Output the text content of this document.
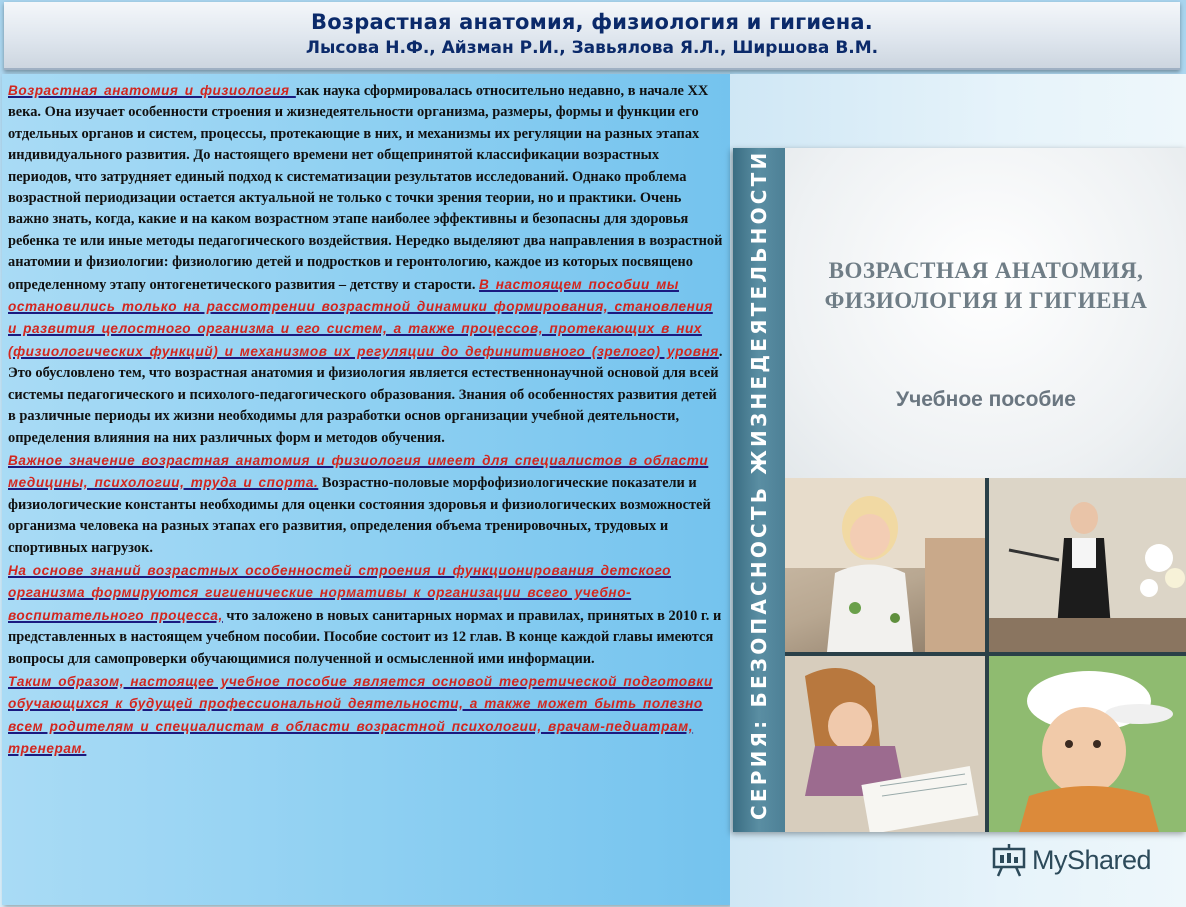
Возрастная анатомия, физиология и гигиена.
Лысова Н.Ф., Айзман Р.И., Завьялова Я.Л., Ширшова В.М.

Возрастная анатомия и физиология как наука сформировалась относительно недавно, в начале XX века. Она изучает особенности строения и жизнедеятельности организма, размеры, формы и функции его отдельных органов и систем, процессы, протекающие в них, и механизмы их регуляции на разных этапах индивидуального развития. До настоящего времени нет общепринятой классификации возрастных периодов, что затрудняет единый подход к систематизации результатов исследований. Однако проблема возрастной периодизации остается актуальной не только с точки зрения теории, но и практики. Очень важно знать, когда, какие и на каком возрастном этапе наиболее эффективны и безопасны для здоровья ребенка те или иные методы педагогического воздействия. Нередко выделяют два направления в возрастной анатомии и физиологии: физиологию детей и подростков и геронтологию, каждое из которых посвящено определенному этапу онтогенетического развития – детству и старости. В настоящем пособии мы остановились только на рассмотрении возрастной динамики формирования, становления и развития целостного организма и его систем, а также процессов, протекающих в них (физиологических функций) и механизмов их регуляции до дефинитивного (зрелого) уровня. Это обусловлено тем, что возрастная анатомия и физиология является естественнонаучной основой для всей системы педагогического и психолого-педагогического образования. Знания об особенностях развития детей в различные периоды их жизни необходимы для разработки основ организации учебной деятельности, определения влияния на них различных форм и методов обучения.

Важное значение возрастная анатомия и физиология имеет для специалистов в области медицины, психологии, труда и спорта. Возрастно-половые морфофизиологические показатели и физиологические константы необходимы для оценки состояния здоровья и физиологических возможностей организма человека на разных этапах его развития, определения объема тренировочных, трудовых и спортивных нагрузок.

На основе знаний возрастных особенностей строения и функционирования детского организма формируются гигиенические нормативы к организации всего учебно-воспитательного процесса, что заложено в новых санитарных нормах и правилах, принятых в 2010 г. и представленных в настоящем учебном пособии. Пособие состоит из 12 глав. В конце каждой главы имеются вопросы для самопроверки обучающимися полученной и осмысленной ими информации.

Таким образом, настоящее учебное пособие является основой теоретической подготовки обучающихся к будущей профессиональной деятельности, а также может быть полезно всем родителям и специалистам в области возрастной психологии, врачам-педиатрам, тренерам.	СЕРИЯ: БЕЗОПАСНОСТЬ ЖИЗНЕДЕЯТЕЛЬНОСТИ	ВОЗРАСТНАЯ АНАТОМИЯ,
ФИЗИОЛОГИЯ И ГИГИЕНА
Учебное пособие
MyShared
